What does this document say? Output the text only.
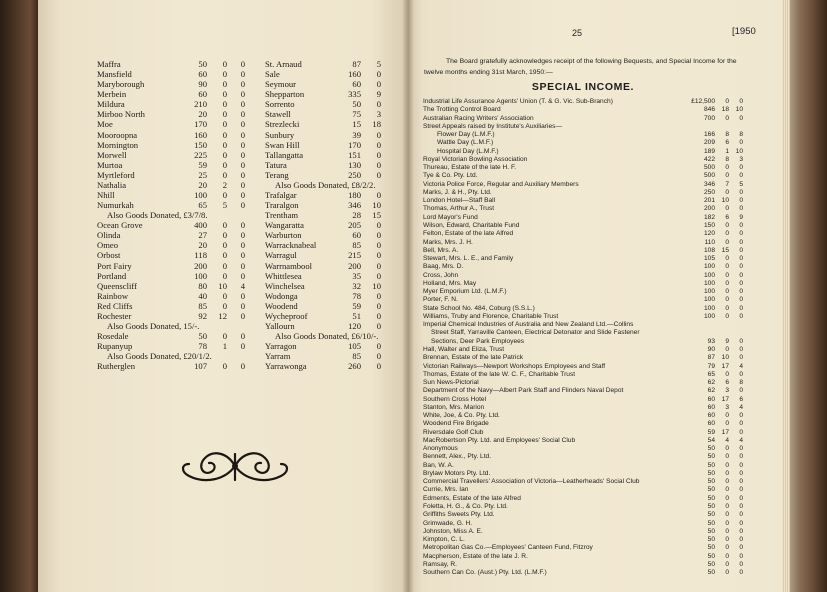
Maffra	50	0	0
Mansfield	60	0	0
Maryborough	90	0	0
Merbein	60	0	0
Mildura	210	0	0
Mirboo North	20	0	0
Moe	170	0	0
Mooroopna	160	0	0
Mornington	150	0	0
Morwell	225	0	0
Murtoa	59	0	0
Myrtleford	25	0	0
Nathalia	20	2	0
Nhill	100	0	0
Numurkah	65	5	0
Also Goods Donated, £3/7/8.
Ocean Grove	400	0	0
Olinda	27	0	0
Omeo	20	0	0
Orbost	118	0	0
Port Fairy	200	0	0
Portland	100	0	0
Queenscliff	80	10	4
Rainbow	40	0	0
Red Cliffs	85	0	0
Rochester	92	12	0
Also Goods Donated, 15/-.
Rosedale	50	0	0
Rupanyup	78	1	0
Also Goods Donated, £20/1/2.
Rutherglen	107	0	0
St. Arnaud	87	5
Sale	160	0
Seymour	60	0
Shepparton	335	9
Sorrento	50	0
Stawell	75	3
Strezlecki	15	18
Sunbury	39	0
Swan Hill	170	0
Tallangatta	151	0
Tatura	130	0
Terang	250	0
Also Goods Donated, £8/2/2.
Trafalgar	180	0
Traralgon	346	10
Trentham	28	15
Wangaratta	205	0
Warburton	60	0
Warracknabeal	85	0
Warragul	215	0
Warrnambool	200	0
Whittlesea	35	0
Winchelsea	32	10
Wodonga	78	0
Woodend	59	0
Wycheproof	51	0
Yallourn	120	0
Also Goods Donated, £6/10/-.
Yarragon	105	0
Yarram	85	0
Yarrawonga	260	0
25	[1950
The Board gratefully acknowledges receipt of the following Bequests, and Special Income for the twelve months ending 31st March, 1950:—
SPECIAL INCOME.
Industrial Life Assurance Agents' Union (T. & G. Vic. Sub-Branch)	£12,500	0	0
The Trotting Control Board	846	18	10
Australian Racing Writers' Association	700	0	0
Street Appeals raised by Institute's Auxiliaries—
Flower Day (L.M.F.)	166	8	8
Wattle Day (L.M.F.)	209	6	0
Hospital Day (L.M.F.)	189	1	10
Royal Victorian Bowling Association	422	8	3
Thureau, Estate of the late H. F.	500	0	0
Tye & Co. Pty. Ltd.	500	0	0
Victoria Police Force, Regular and Auxiliary Members	346	7	5
Marks, J. & H., Pty. Ltd.	250	0	0
London Hotel—Staff Ball	201	10	0
Thomas, Arthur A., Trust	200	0	0
Lord Mayor's Fund	182	6	9
Wilson, Edward, Charitable Fund	150	0	0
Felton, Estate of the late Alfred	120	0	0
Marks, Mrs. J. H.	110	0	0
Bell, Mrs. A.	108	15	0
Stewart, Mrs. L. E., and Family	105	0	0
Baag, Mrs. D.	100	0	0
Cross, John	100	0	0
Holland, Mrs. May	100	0	0
Myer Emporium Ltd. (L.M.F.)	100	0	0
Porter, F. N.	100	0	0
State School No. 484, Coburg (S.S.L.)	100	0	0
Williams, Truby and Florence, Charitable Trust	100	0	0
Imperial Chemical Industries of Australia and New Zealand Ltd.—Collins
Street Staff, Yarraville Canteen, Electrical Detonator and Slide Fastener
Sections, Deer Park Employees	93	9	0
Hall, Walter and Eliza, Trust	90	0	0
Brennan, Estate of the late Patrick	87	10	0
Victorian Railways—Newport Workshops Employees and Staff	79	17	4
Thomas, Estate of the late W. C. F., Charitable Trust	65	0	0
Sun News-Pictorial	62	6	8
Department of the Navy—Albert Park Staff and Flinders Naval Depot	62	3	0
Southern Cross Hotel	60	17	6
Stanton, Mrs. Marion	60	3	4
White, Joe, & Co. Pty. Ltd.	60	0	0
Woodend Fire Brigade	60	0	0
Riversdale Golf Club	59	17	0
MacRobertson Pty. Ltd. and Employees' Social Club	54	4	4
Anonymous	50	0	0
Bennett, Alex., Pty. Ltd.	50	0	0
Ban, W. A.	50	0	0
Brylaw Motors Pty. Ltd.	50	0	0
Commercial Travellers' Association of Victoria—Leatherheads' Social Club	50	0	0
Currie, Mrs. Ian	50	0	0
Edments, Estate of the late Alfred	50	0	0
Foletta, H. G., & Co. Pty. Ltd.	50	0	0
Griffiths Sweets Pty. Ltd.	50	0	0
Grimwade, G. H.	50	0	0
Johnston, Miss A. E.	50	0	0
Kimpton, C. L.	50	0	0
Metropolitan Gas Co.—Employees' Canteen Fund, Fitzroy	50	0	0
Macpherson, Estate of the late J. R.	50	0	0
Ramsay, R.	50	0	0
Southern Can Co. (Aust.) Pty. Ltd. (L.M.F.)	50	0	0
